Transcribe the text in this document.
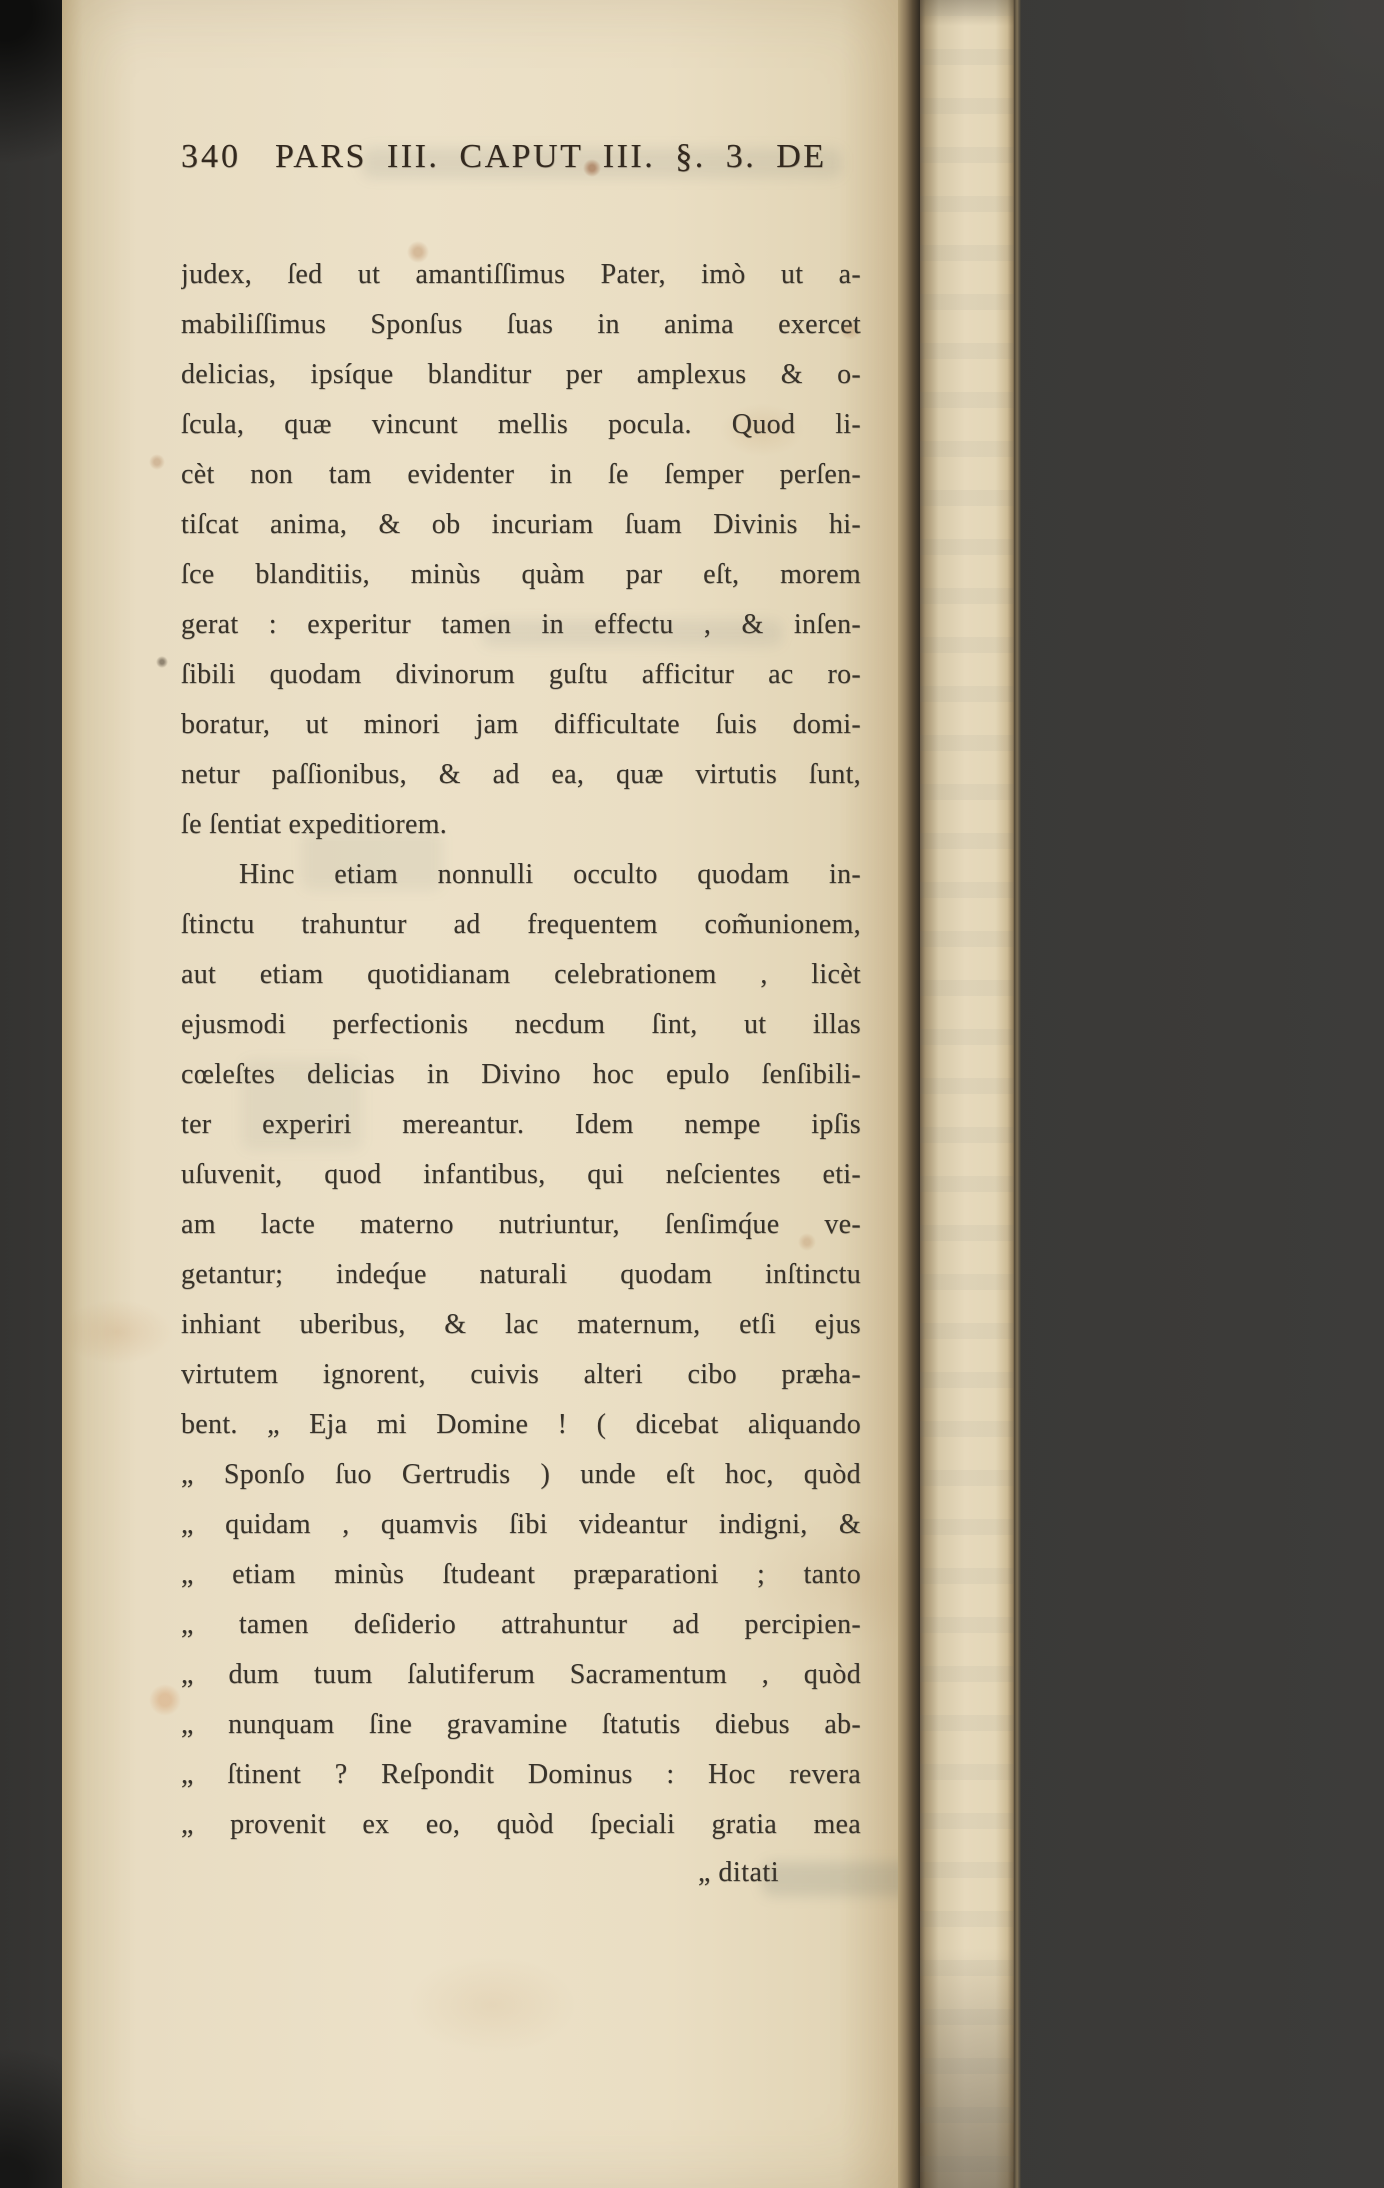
340 PARS III. CAPUT III. §. 3. DE
judex, ſed ut amantiſſimus Pater, imò ut a-
mabiliſſimus Sponſus ſuas in anima exercet
delicias, ipsíque blanditur per amplexus & o-
ſcula, quæ vincunt mellis pocula. Quod li-
cèt non tam evidenter in ſe ſemper perſen-
tiſcat anima, & ob incuriam ſuam Divinis hi-
ſce blanditiis, minùs quàm par eſt, morem
gerat : experitur tamen in effectu , & inſen-
ſibili quodam divinorum guſtu afficitur ac ro-
boratur, ut minori jam difficultate ſuis domi-
netur paſſionibus, & ad ea, quæ virtutis ſunt,
ſe ſentiat expeditiorem.
Hinc etiam nonnulli occulto quodam in-
ſtinctu trahuntur ad frequentem com̃unionem,
aut etiam quotidianam celebrationem , licèt
ejusmodi perfectionis necdum ſint, ut illas
cœleſtes delicias in Divino hoc epulo ſenſibili-
ter experiri mereantur. Idem nempe ipſis
uſuvenit, quod infantibus, qui neſcientes eti-
am lacte materno nutriuntur, ſenſimq́ue ve-
getantur; indeq́ue naturali quodam inſtinctu
inhiant uberibus, & lac maternum, etſi ejus
virtutem ignorent, cuivis alteri cibo præha-
bent. „ Eja mi Domine ! ( dicebat aliquando
„ Sponſo ſuo Gertrudis ) unde eſt hoc, quòd
„ quidam , quamvis ſibi videantur indigni, &
„ etiam minùs ſtudeant præparationi ; tanto
„ tamen deſiderio attrahuntur ad percipien-
„ dum tuum ſalutiferum Sacramentum , quòd
„ nunquam ſine gravamine ſtatutis diebus ab-
„ ſtinent ? Reſpondit Dominus : Hoc revera
„ provenit ex eo, quòd ſpeciali gratia mea
„ ditati
